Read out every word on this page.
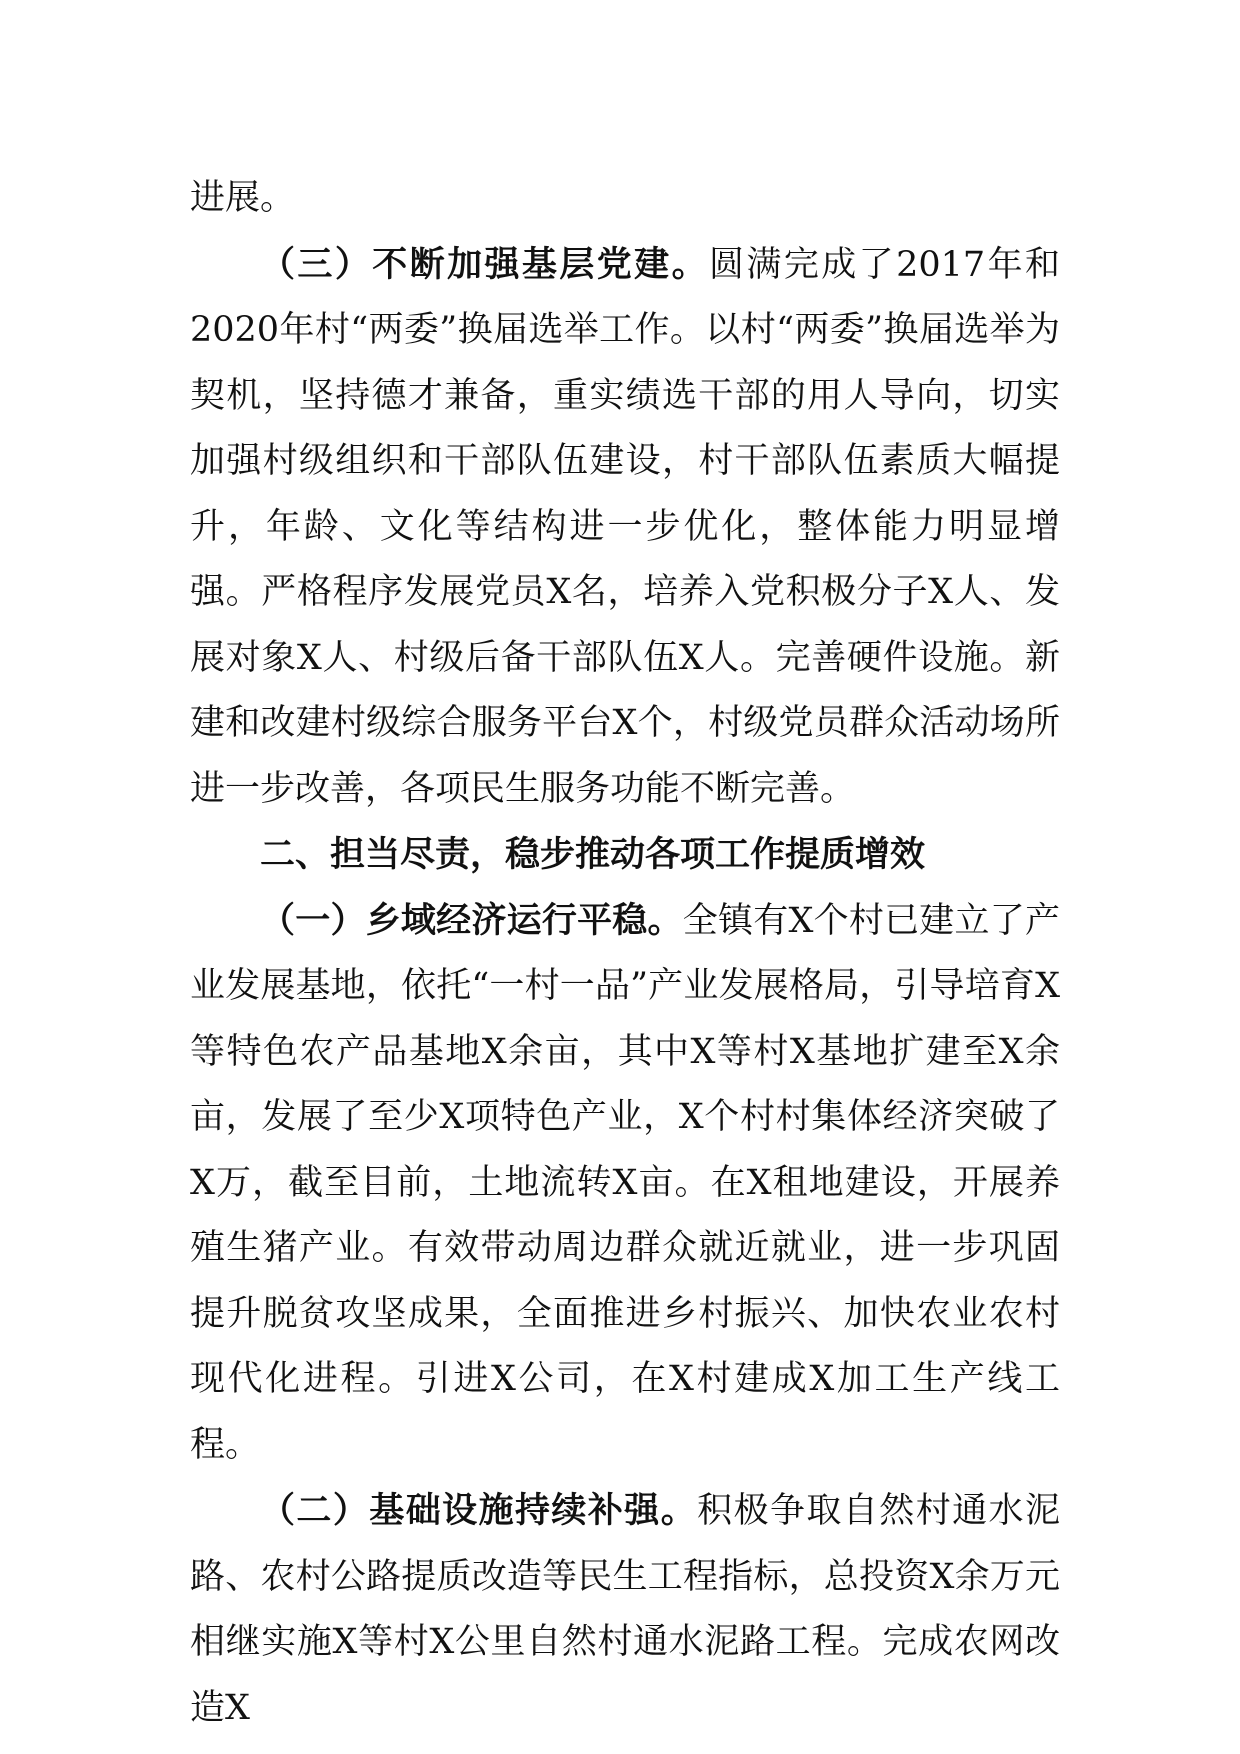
进展。

（三）不断加强基层党建。圆满完成了2017年和2020年村“两委”换届选举工作。以村“两委”换届选举为契机，坚持德才兼备，重实绩选干部的用人导向，切实加强村级组织和干部队伍建设，村干部队伍素质大幅提升，年龄、文化等结构进一步优化，整体能力明显增强。严格程序发展党员X名，培养入党积极分子X人、发展对象X人、村级后备干部队伍X人。完善硬件设施。新建和改建村级综合服务平台X个，村级党员群众活动场所进一步改善，各项民生服务功能不断完善。

二、担当尽责，稳步推动各项工作提质增效

（一）乡域经济运行平稳。全镇有X个村已建立了产业发展基地，依托“一村一品”产业发展格局，引导培育X等特色农产品基地X余亩，其中X等村X基地扩建至X余亩，发展了至少X项特色产业，X个村村集体经济突破了X万，截至目前，土地流转X亩。在X租地建设，开展养殖生猪产业。有效带动周边群众就近就业，进一步巩固提升脱贫攻坚成果，全面推进乡村振兴、加快农业农村现代化进程。引进X公司，在X村建成X加工生产线工程。

（二）基础设施持续补强。积极争取自然村通水泥路、农村公路提质改造等民生工程指标，总投资X余万元相继实施X等村X公里自然村通水泥路工程。完成农网改造X
